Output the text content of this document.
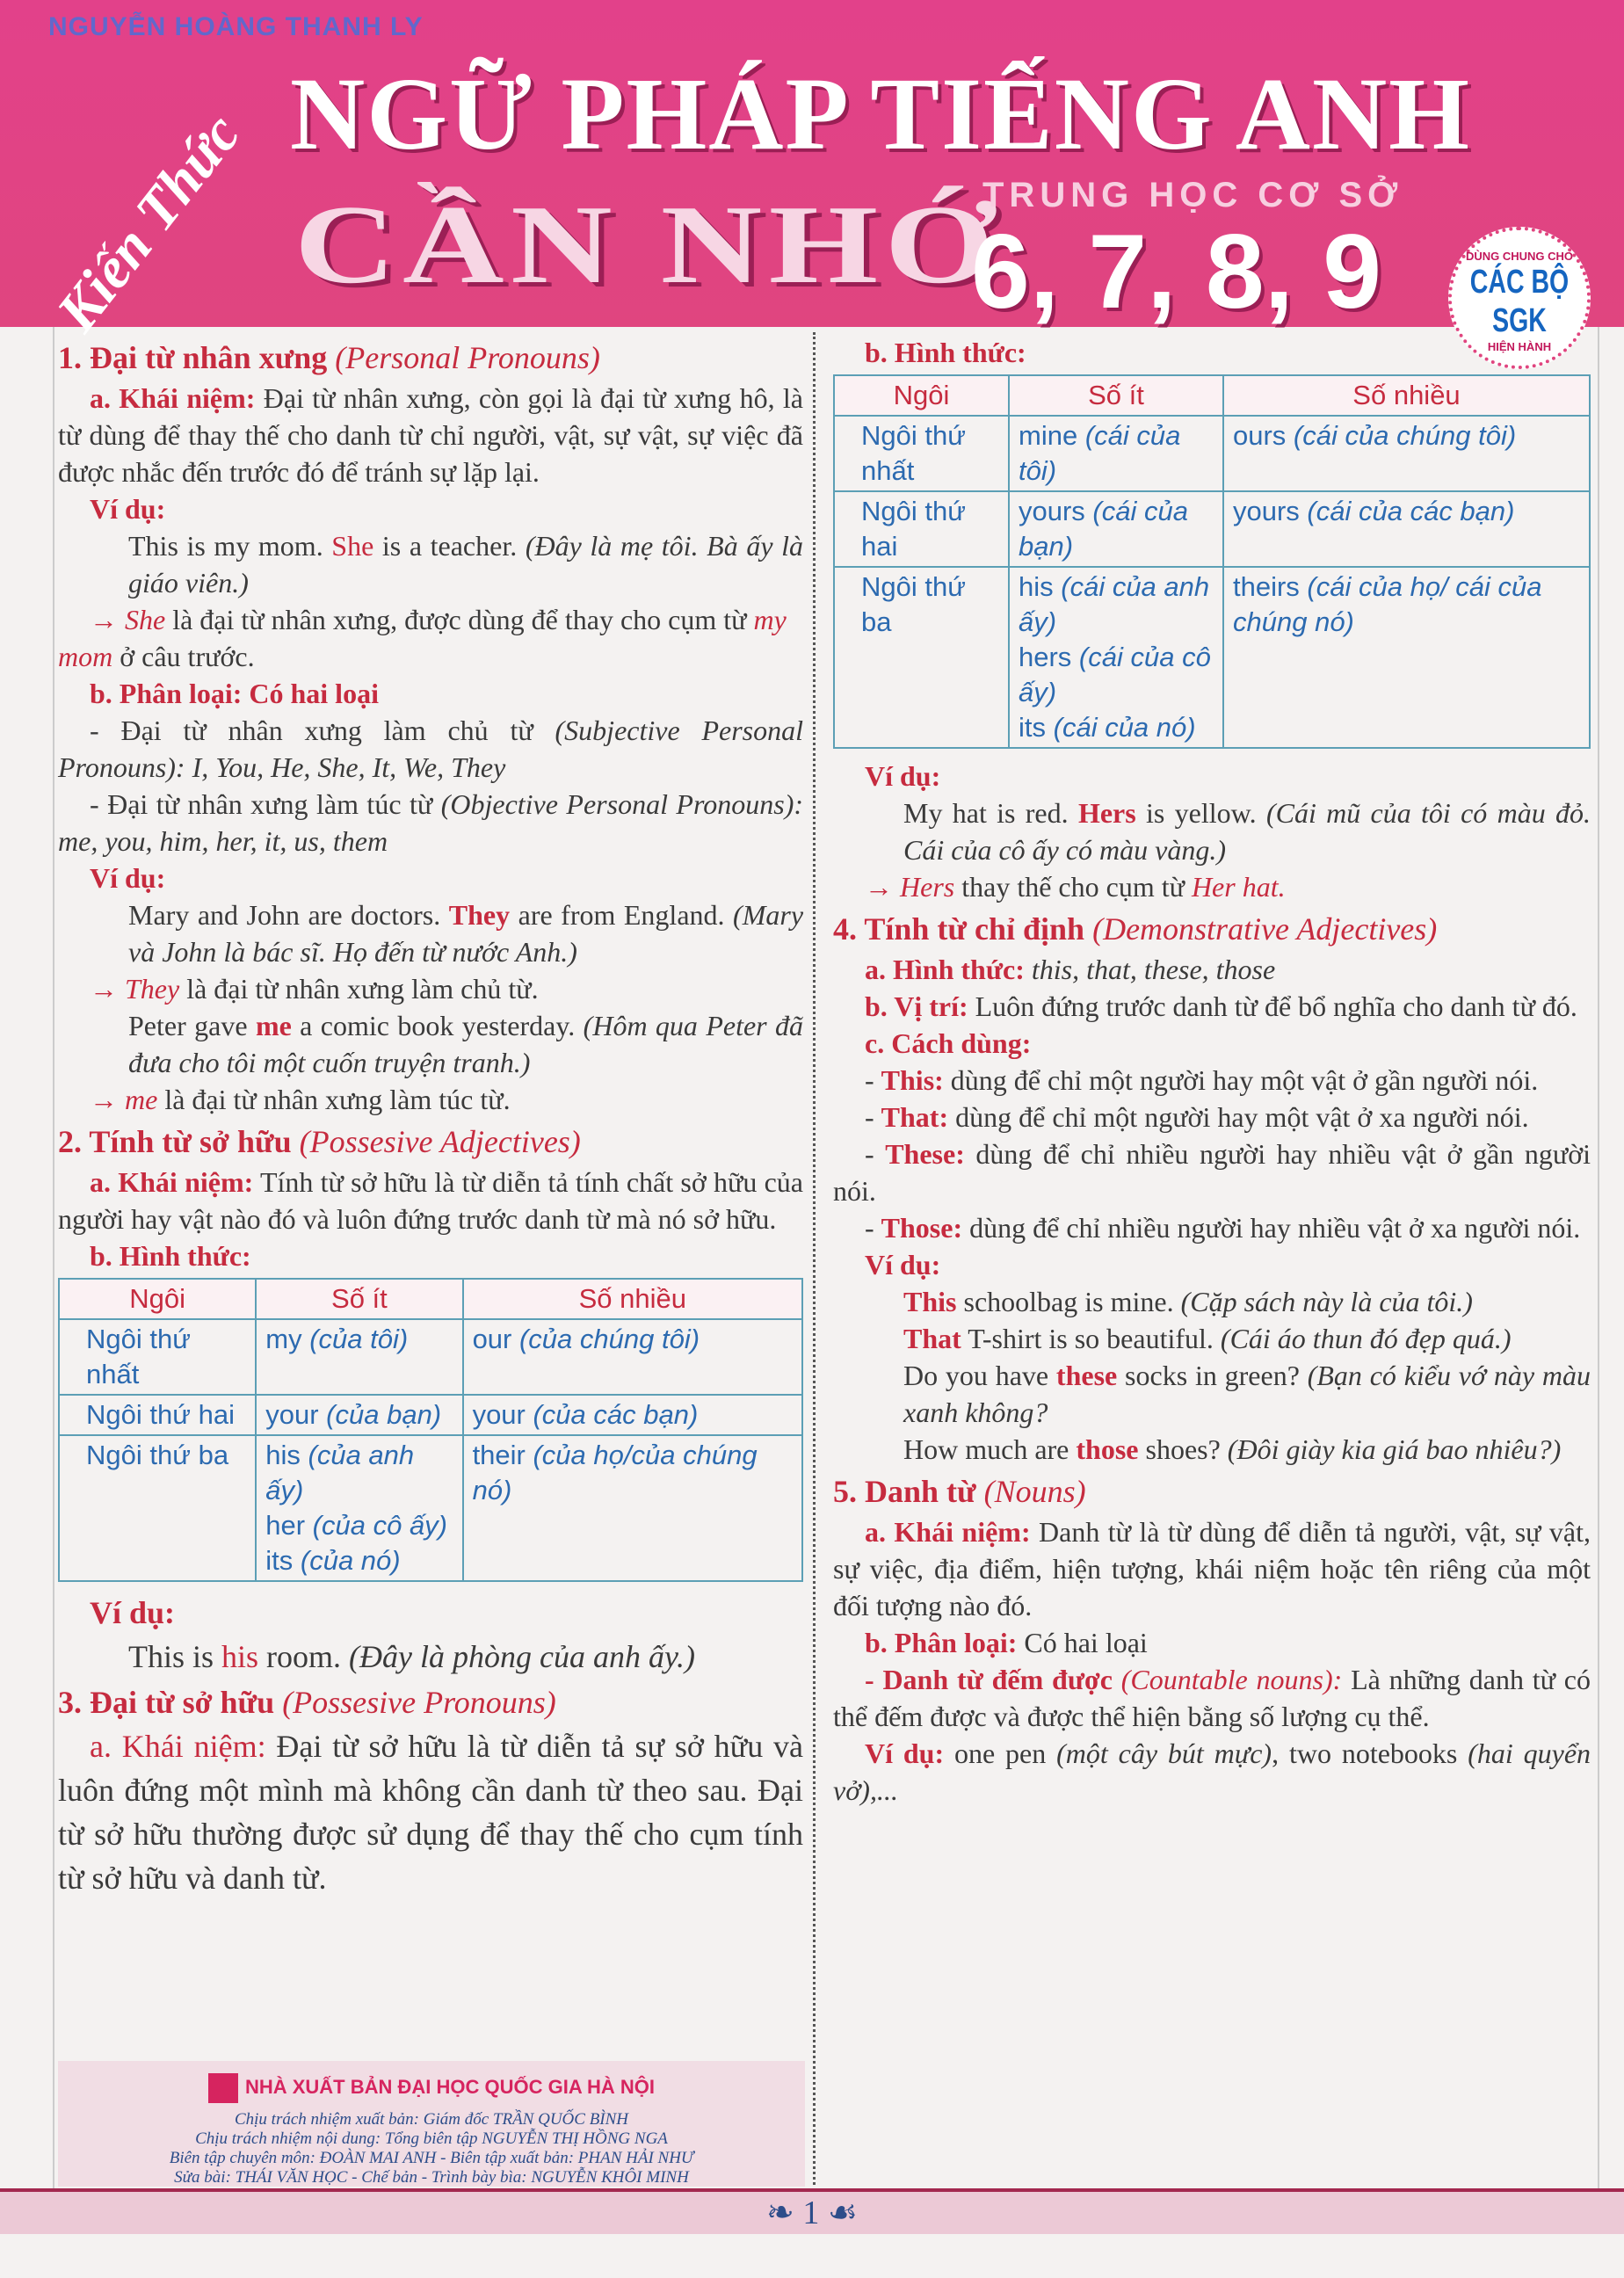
NGUYỄN HOÀNG THANH LY
Kiến Thức NGỮ PHÁP TIẾNG ANH
CẦN NHỚ
TRUNG HỌC CƠ SỞ
6, 7, 8, 9	DÙNG CHUNG CHO
CÁC BỘ SGK
HIỆN HÀNH
1. Đại từ nhân xưng (Personal Pronouns)
a. Khái niệm: Đại từ nhân xưng, còn gọi là đại từ xưng hô, là từ dùng để thay thế cho danh từ chỉ người, vật, sự vật, sự việc đã được nhắc đến trước đó để tránh sự lặp lại.
Ví dụ:
This is my mom. She is a teacher. (Đây là mẹ tôi. Bà ấy là giáo viên.)
→ She là đại từ nhân xưng, được dùng để thay cho cụm từ my mom ở câu trước.
b. Phân loại: Có hai loại
- Đại từ nhân xưng làm chủ từ (Subjective Personal Pronouns): I, You, He, She, It, We, They
- Đại từ nhân xưng làm túc từ (Objective Personal Pronouns): me, you, him, her, it, us, them
Ví dụ:
Mary and John are doctors. They are from England. (Mary và John là bác sĩ. Họ đến từ nước Anh.)
→ They là đại từ nhân xưng làm chủ từ.
Peter gave me a comic book yesterday. (Hôm qua Peter đã đưa cho tôi một cuốn truyện tranh.)
→ me là đại từ nhân xưng làm túc từ.
2. Tính từ sở hữu (Possesive Adjectives)
a. Khái niệm: Tính từ sở hữu là từ diễn tả tính chất sở hữu của người hay vật nào đó và luôn đứng trước danh từ mà nó sở hữu.
b. Hình thức:
Ngôi	Số ít	Số nhiều

Ngôi thứ nhất	my (của tôi)	our (của chúng tôi)

Ngôi thứ hai	your (của bạn)	your (của các bạn)

Ngôi thứ ba	his (của anh ấy)
her (của cô ấy)
its (của nó)	their (của họ/của chúng nó)
Ví dụ:
This is his room. (Đây là phòng của anh ấy.)
3. Đại từ sở hữu (Possesive Pronouns)
a. Khái niệm: Đại từ sở hữu là từ diễn tả sự sở hữu và luôn đứng một mình mà không cần danh từ theo sau. Đại từ sở hữu thường được sử dụng để thay thế cho cụm tính từ sở hữu và danh từ.
b. Hình thức:
Ngôi	Số ít	Số nhiều

Ngôi thứ nhất	mine (cái của tôi)	ours (cái của chúng tôi)

Ngôi thứ hai	yours (cái của bạn)	yours (cái của các bạn)

Ngôi thứ ba	his (cái của anh ấy)
hers (cái của cô ấy)
its (cái của nó)	theirs (cái của họ/ cái của chúng nó)
Ví dụ:
My hat is red. Hers is yellow. (Cái mũ của tôi có màu đỏ. Cái của cô ấy có màu vàng.)
→ Hers thay thế cho cụm từ Her hat.
4. Tính từ chỉ định (Demonstrative Adjectives)
a. Hình thức: this, that, these, those
b. Vị trí: Luôn đứng trước danh từ để bổ nghĩa cho danh từ đó.
c. Cách dùng:
- This: dùng để chỉ một người hay một vật ở gần người nói.
- That: dùng để chỉ một người hay một vật ở xa người nói.
- These: dùng để chỉ nhiều người hay nhiều vật ở gần người nói.
- Those: dùng để chỉ nhiều người hay nhiều vật ở xa người nói.
Ví dụ:
This schoolbag is mine. (Cặp sách này là của tôi.)
That T-shirt is so beautiful. (Cái áo thun đó đẹp quá.)
Do you have these socks in green? (Bạn có kiểu vớ này màu xanh không?
How much are those shoes? (Đôi giày kia giá bao nhiêu?)
5. Danh từ (Nouns)
a. Khái niệm: Danh từ là từ dùng để diễn tả người, vật, sự vật, sự việc, địa điểm, hiện tượng, khái niệm hoặc tên riêng của một đối tượng nào đó.
b. Phân loại: Có hai loại
- Danh từ đếm được (Countable nouns): Là những danh từ có thể đếm được và được thể hiện bằng số lượng cụ thể.
Ví dụ: one pen (một cây bút mực), two notebooks (hai quyển vở),...
NHÀ XUẤT BẢN ĐẠI HỌC QUỐC GIA HÀ NỘI
Chịu trách nhiệm xuất bản: Giám đốc TRẦN QUỐC BÌNH
Chịu trách nhiệm nội dung: Tổng biên tập NGUYỄN THỊ HỒNG NGA
Biên tập chuyên môn: ĐOÀN MAI ANH - Biên tập xuất bản: PHAN HẢI NHƯ
Sửa bài: THÁI VĂN HỌC - Chế bản - Trình bày bìa: NGUYỄN KHÔI MINH
❧ 1 ☙
